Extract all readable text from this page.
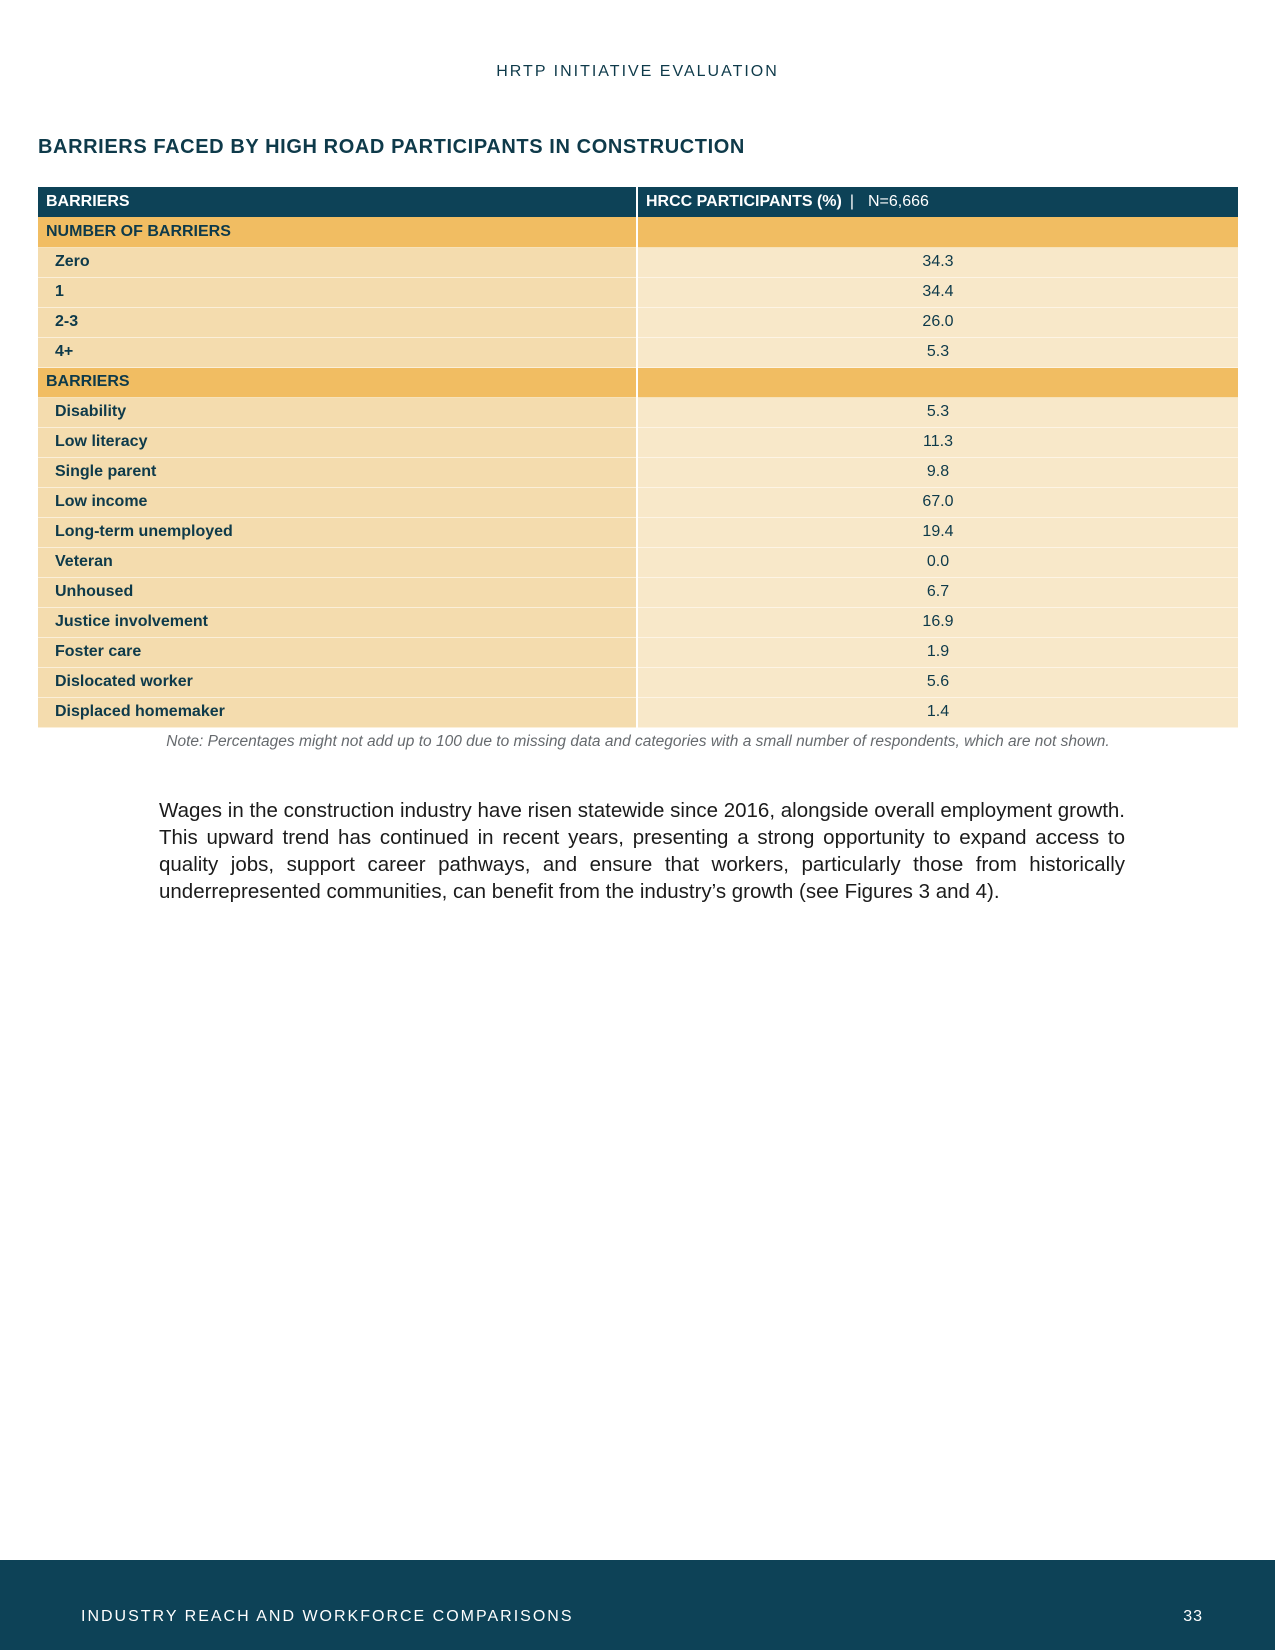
HRTP INITIATIVE EVALUATION
BARRIERS FACED BY HIGH ROAD PARTICIPANTS IN CONSTRUCTION
BARRIERS	HRCC PARTICIPANTS (%) | N=6,666
NUMBER OF BARRIERS	
Zero	34.3
1	34.4
2-3	26.0
4+	5.3
BARRIERS	
Disability	5.3
Low literacy	11.3
Single parent	9.8
Low income	67.0
Long-term unemployed	19.4
Veteran	0.0
Unhoused	6.7
Justice involvement	16.9
Foster care	1.9
Dislocated worker	5.6
Displaced homemaker	1.4
Note: Percentages might not add up to 100 due to missing data and categories with a small number of respondents, which are not shown.

Wages in the construction industry have risen statewide since 2016, alongside overall employment growth. This upward trend has continued in recent years, presenting a strong opportunity to expand access to quality jobs, support career pathways, and ensure that workers, particularly those from historically underrepresented communities, can benefit from the industry’s growth (see Figures 3 and 4).

INDUSTRY REACH AND WORKFORCE COMPARISONS	33
